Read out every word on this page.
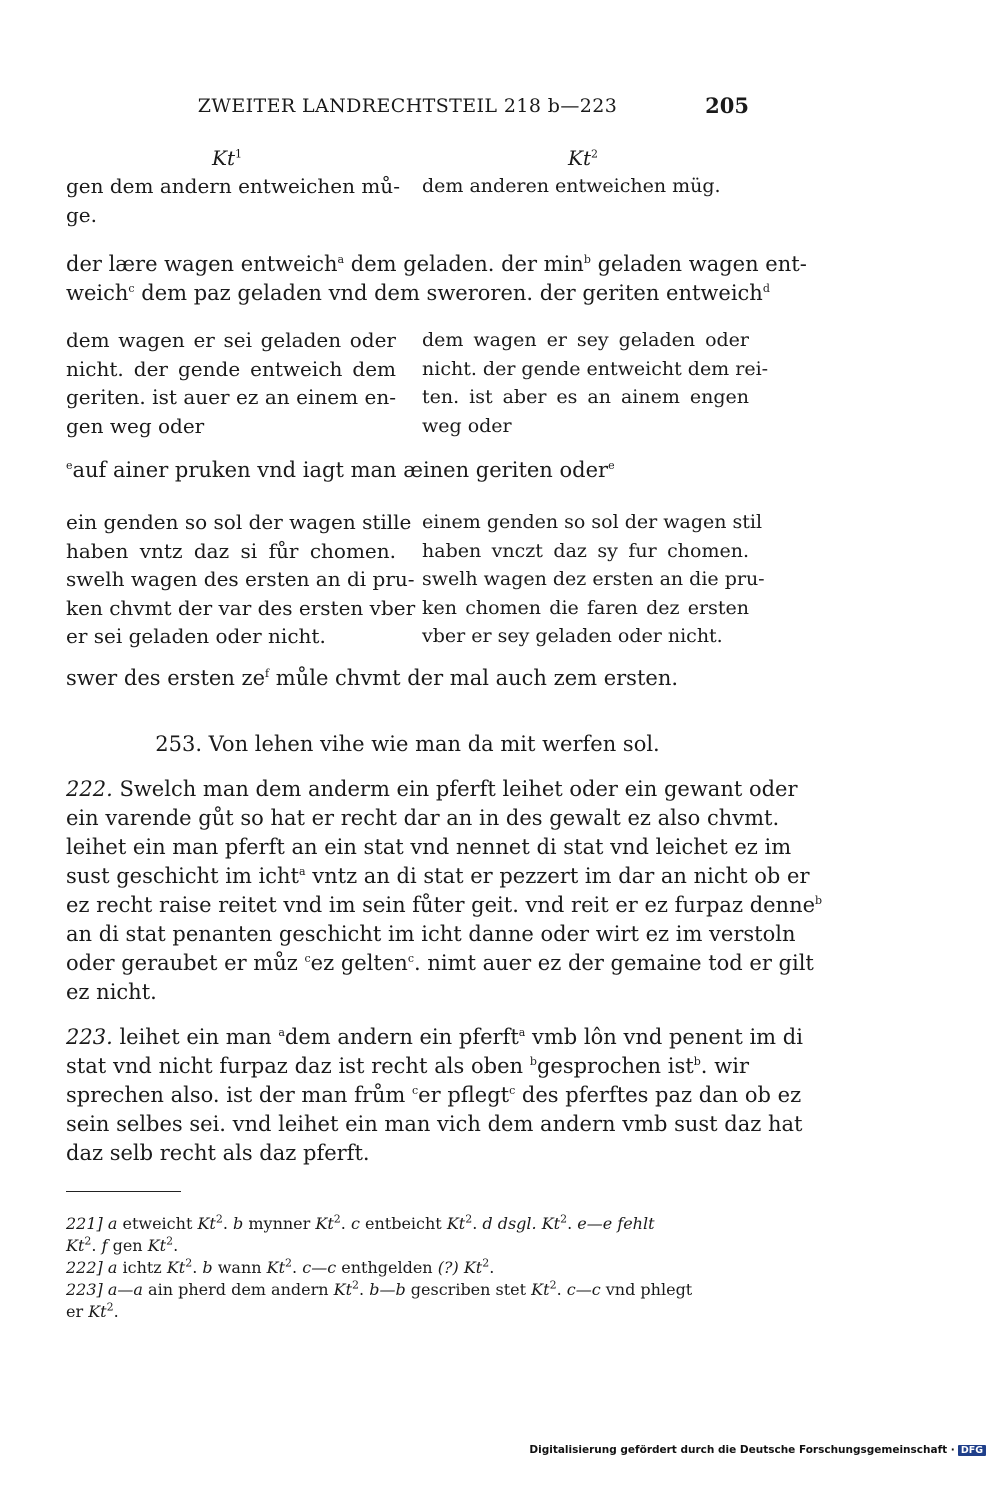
ZWEITER LANDRECHTSTEIL 218 b—223	205
Kt$^1$	Kt$^2$
gen dem andern entweichen mů-
ge.
dem anderen entweichen müg.
der lære wagen entweich$^a$ dem geladen. der $\min^b$ geladen wagen ent-
weich$^c$ dem paz geladen vnd dem sweroren. der geriten entweich$^d$
dem wagen er sei geladen oder
nicht. der gende entweich dem
geriten. ist auer ez an einem en-
gen weg oder
dem wagen er sey geladen oder
nicht. der gende entweicht dem rei-
ten. ist aber es an ainem engen
weg oder
$^e$auf ainer pruken vnd iagt man æinen geriten oder$^e$
ein genden so sol der wagen stille
haben vntz daz si fůr chomen.
swelh wagen des ersten an di pru-
ken chvmt der var des ersten vber
er sei geladen oder nicht.
einem genden so sol der wagen stil
haben vnczt daz sy fur chomen.
swelh wagen dez ersten an die pru-
ken chomen die faren dez ersten
vber er sey geladen oder nicht.
swer des ersten $ze^f$ můle chvmt der mal auch zem ersten.
253. Von lehen vihe wie man da mit werfen sol.
222. Swelch man dem anderm ein pferft leihet oder ein gewant oder
ein varende gůt so hat er recht dar an in des gewalt ez also chvmt.
leihet ein man pferft an ein stat vnd nennet di stat vnd leichet ez im
sust geschicht im icht$^a$ vntz an di stat er pezzert im dar an nicht ob er
ez recht raise reitet vnd im sein fůter geit. vnd reit er ez furpaz denne$^b$
an di stat penanten geschicht im icht danne oder wirt ez im verstoln
oder geraubet er můz $^c$ez gelten$^c$. nimt auer ez der gemaine tod er gilt
ez nicht.
223. leihet ein man $^a$dem andern ein pferft$^a$ vmb lôn vnd penent im di
stat vnd nicht furpaz daz ist recht als oben $^b$gesprochen ist$^b$. wir
sprechen also. ist der man frům $^c$er pflegt$^c$ des pferftes paz dan ob ez
sein selbes sei. vnd leihet ein man vich dem andern vmb sust daz hat
daz selb recht als daz pferft.
221] a etweicht Kt$^2$. b mynner Kt$^2$. c entbeicht Kt$^2$. d dsgl. Kt$^2$. e—e fehlt
Kt$^2$. f gen Kt$^2$.
222] a ichtz Kt$^2$. b wann Kt$^2$. c—c enthgelden (?) Kt$^2$.
223] a—a ain pherd dem andern Kt$^2$. b—b gescriben stet Kt$^2$. c—c vnd phlegt
er Kt$^2$.
Digitalisierung gefördert durch die Deutsche Forschungsgemeinschaft · DFG
